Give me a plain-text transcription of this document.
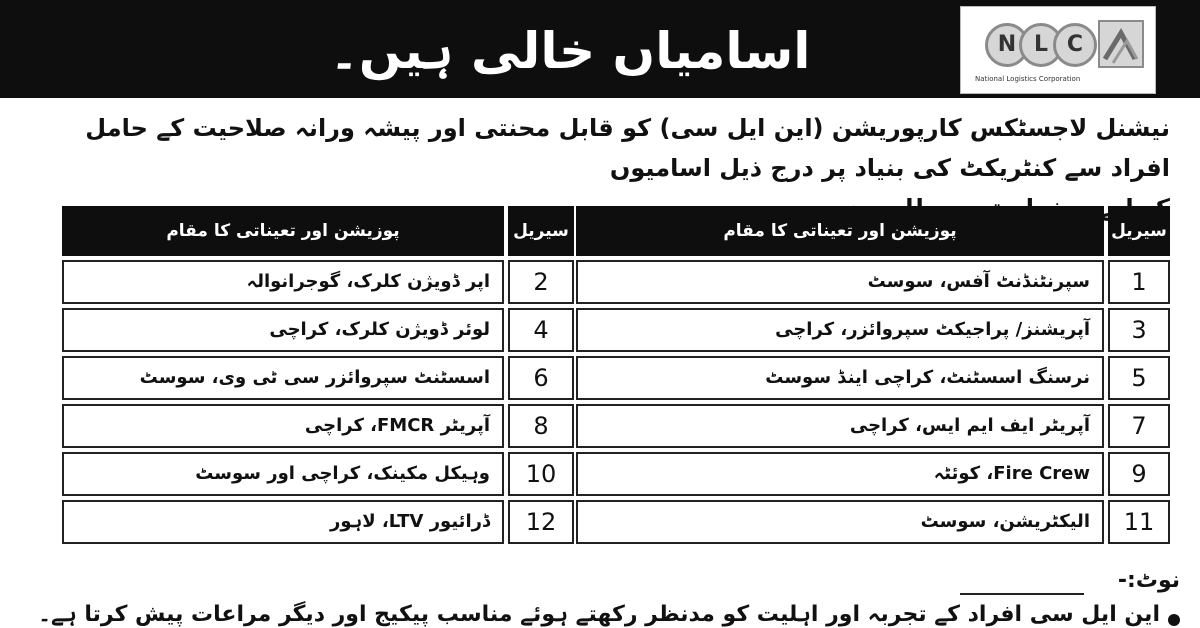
اسامیاں خالی ہیں۔	N L C
National Logistics Corporation
نیشنل لاجسٹکس کارپوریشن (این ایل سی) کو قابل محنتی اور پیشہ ورانہ صلاحیت کے حامل افراد سے کنٹریکٹ کی بنیاد پر درج ذیل اسامیوں
سیریل
پوزیشن اور تعیناتی کا مقام
سیریل
پوزیشن اور تعیناتی کا مقام
1
سپرنٹنڈنٹ آفس، سوسٹ
3
آپریشنز/ پراجیکٹ سپروائزر، کراچی
5
نرسنگ اسسٹنٹ، کراچی اینڈ سوسٹ
7
آپریٹر ایف ایم ایس، کراچی
9
Fire Crew، کوئٹہ
11
الیکٹریشن، سوسٹ
2
اپر ڈویژن کلرک، گوجرانوالہ
4
لوئر ڈویژن کلرک، کراچی
6
اسسٹنٹ سپروائزر سی ٹی وی، سوسٹ
8
آپریٹر FMCR، کراچی
10
وہیکل مکینک، کراچی اور سوسٹ
12
ڈرائیور LTV، لاہور
نوٹ:-
این ایل سی افراد کے تجربہ اور اہلیت کو مدنظر رکھتے ہوئے مناسب پیکیج اور دیگر مراعات پیش کرتا ہے۔
